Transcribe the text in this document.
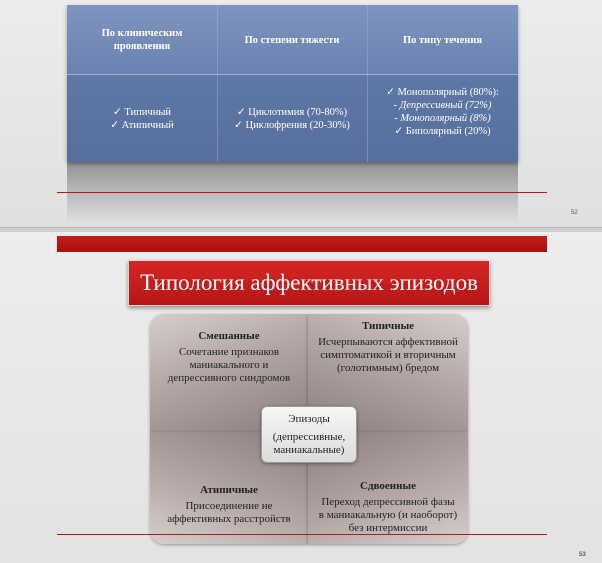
По клиническим проявления
По степени тяжести	По типу течения
✓ Типичный
✓ Атипичный
✓ Циклотимия (70-80%)
✓ Циклофрения (20-30%)
✓ Монополярный (80%):
- Депрессивный (72%)
- Монополярный (8%)
✓ Биполярный (20%)
52
Типология аффективных эпизодов
Смешанные
Сочетание признаков маниакального и депрессивного синдромов
Типичные
Исчерпываются аффективной симптоматикой и вторичным (голотимным) бредом
Атипичные
Присоединение не аффективных расстройств
Сдвоенные
Переход депрессивной фазы в маниакальную (и наоборот) без интермиссии
Эпизоды
(депрессивные, маниакальные)
53
